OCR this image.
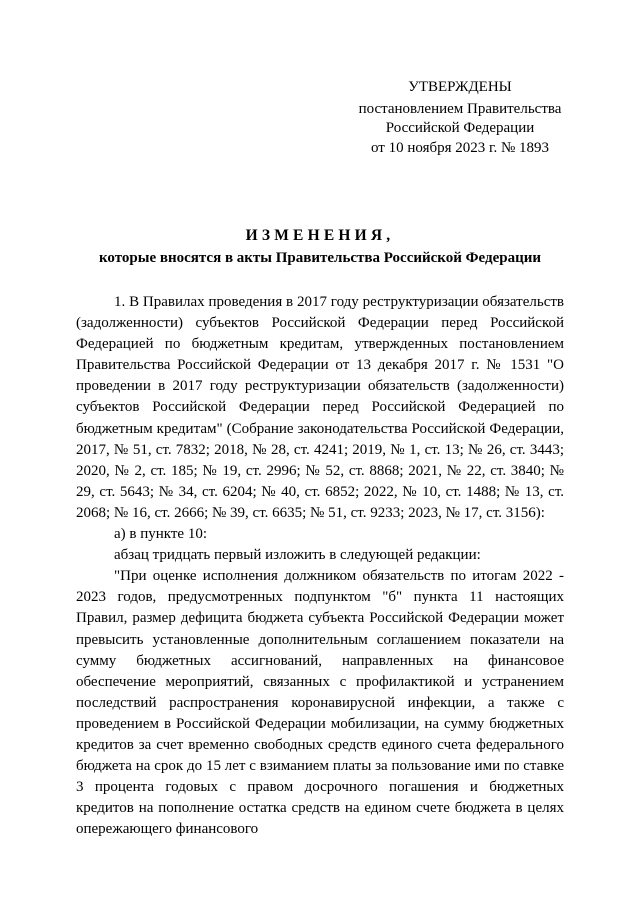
УТВЕРЖДЕНЫ
постановлением Правительства
Российской Федерации
от 10 ноября 2023 г. № 1893
ИЗМЕНЕНИЯ,
которые вносятся в акты Правительства Российской Федерации

1. В Правилах проведения в 2017 году реструктуризации обязательств (задолженности) субъектов Российской Федерации перед Российской Федерацией по бюджетным кредитам, утвержденных постановлением Правительства Российской Федерации от 13 декабря 2017 г. № 1531 "О проведении в 2017 году реструктуризации обязательств (задолженности) субъектов Российской Федерации перед Российской Федерацией по бюджетным кредитам" (Собрание законодательства Российской Федерации, 2017, № 51, ст. 7832; 2018, № 28, ст. 4241; 2019, № 1, ст. 13; № 26, ст. 3443; 2020, № 2, ст. 185; № 19, ст. 2996; № 52, ст. 8868; 2021, № 22, ст. 3840; № 29, ст. 5643; № 34, ст. 6204; № 40, ст. 6852; 2022, № 10, ст. 1488; № 13, ст. 2068; № 16, ст. 2666; № 39, ст. 6635; № 51, ст. 9233; 2023, № 17, ст. 3156):

а) в пункте 10:

абзац тридцать первый изложить в следующей редакции:

"При оценке исполнения должником обязательств по итогам 2022 - 2023 годов, предусмотренных подпунктом "б" пункта 11 настоящих Правил, размер дефицита бюджета субъекта Российской Федерации может превысить установленные дополнительным соглашением показатели на сумму бюджетных ассигнований, направленных на финансовое обеспечение мероприятий, связанных с профилактикой и устранением последствий распространения коронавирусной инфекции, а также с проведением в Российской Федерации мобилизации, на сумму бюджетных кредитов за счет временно свободных средств единого счета федерального бюджета на срок до 15 лет с взиманием платы за пользование ими по ставке 3 процента годовых с правом досрочного погашения и бюджетных кредитов на пополнение остатка средств на едином счете бюджета в целях опережающего финансового
